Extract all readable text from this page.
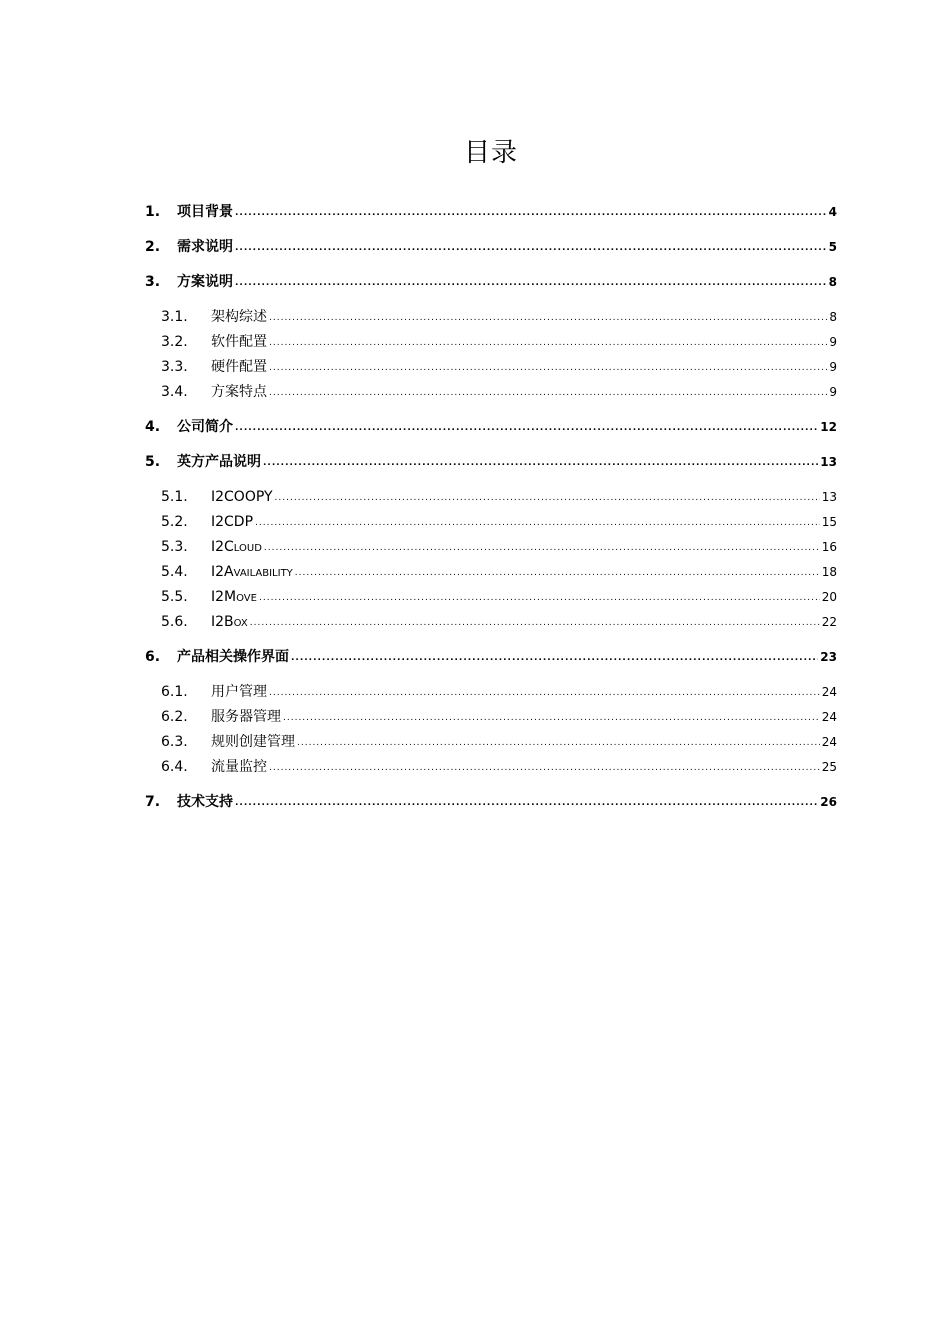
目录
1.	项目背景 .....	4
2.	需求说明 .....	5
3.	方案说明 .....	8
3.1.	架构综述 .....	8
3.2.	软件配置 .....	9
3.3.	硬件配置 .....	9
3.4.	方案特点 .....	9
4.	公司简介 .....	12
5.	英方产品说明 .....	13
5.1.	I2COOPY .....	13
5.2.	I2CDP .....	15
5.3.	I2Cloud .....	16
5.4.	I2Availability .....	18
5.5.	I2Move .....	20
5.6.	I2Box .....	22
6.	产品相关操作界面 .....	23
6.1.	用户管理 .....	24
6.2.	服务器管理 .....	24
6.3.	规则创建管理 .....	24
6.4.	流量监控 .....	25
7.	技术支持 .....	26
